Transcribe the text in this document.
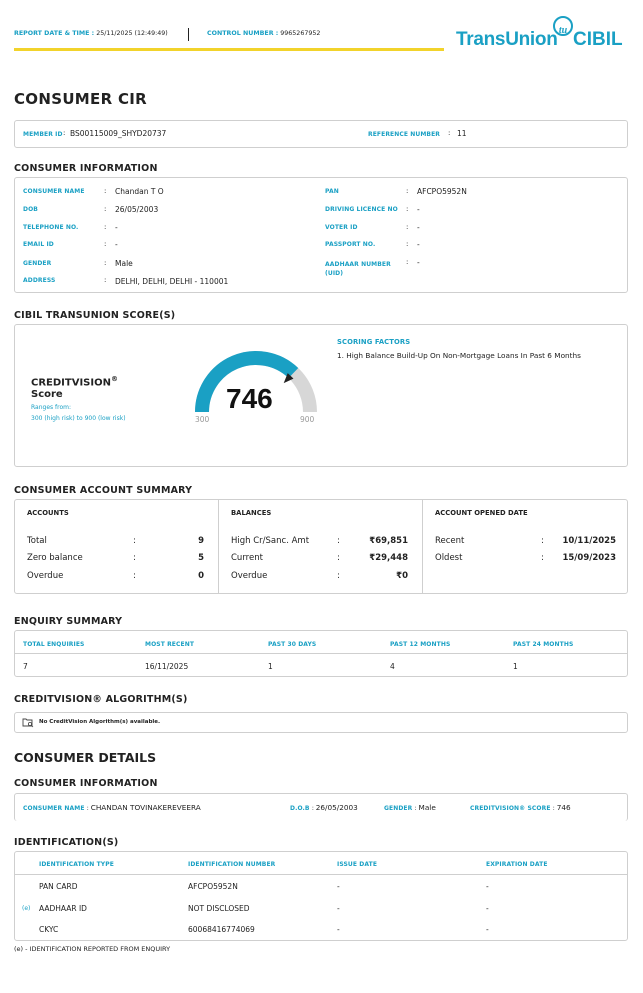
REPORT DATE & TIME : 25/11/2025 (12:49:49)	CONTROL NUMBER : 9965267952	TransUnion CIBIL
tu
CONSUMER CIR
MEMBER ID : BS00115009_SHYD20737	REFERENCE NUMBER : 11
CONSUMER INFORMATION
CONSUMER NAME	: Chandan T O
DOB	: 26/05/2003
TELEPHONE NO.	: -
EMAIL ID	: -
GENDER	: Male
ADDRESS	: DELHI, DELHI, DELHI - 110001
PAN	: AFCPO5952N
DRIVING LICENCE NO : -
VOTER ID	: -
PASSPORT NO.	: -
AADHAAR NUMBER
(UID)
: -
CIBIL TRANSUNION SCORE(S)
CREDITVISION®
Score
Ranges from:
300 (high risk) to 900 (low risk)
746
300	900
SCORING FACTORS
1. High Balance Build-Up On Non-Mortgage Loans In Past 6 Months
CONSUMER ACCOUNT SUMMARY
ACCOUNTS
Total	:	9
Zero balance	:	5
Overdue	:	0
BALANCES
High Cr/Sanc. Amt	:	₹69,851
Current	:	₹29,448
Overdue	:	₹0
ACCOUNT OPENED DATE
Recent	:	10/11/2025
Oldest	:	15/09/2023
ENQUIRY SUMMARY
TOTAL ENQUIRIES	MOST RECENT	PAST 30 DAYS	PAST 12 MONTHS	PAST 24 MONTHS
7	16/11/2025	1	4	1
CREDITVISION® ALGORITHM(S)
No CreditVision Algorithm(s) available.
CONSUMER DETAILS
CONSUMER INFORMATION
CONSUMER NAME : CHANDAN TOVINAKEREVEERA	D.O.B : 26/05/2003	GENDER : Male	CREDITVISION® SCORE : 746
IDENTIFICATION(S)
IDENTIFICATION TYPE	IDENTIFICATION NUMBER	ISSUE DATE	EXPIRATION DATE
PAN CARD	AFCPO5952N	-	-
(e) AADHAAR ID	NOT DISCLOSED	-	-
CKYC	60068416774069	-	-
(e) - IDENTIFICATION REPORTED FROM ENQUIRY
